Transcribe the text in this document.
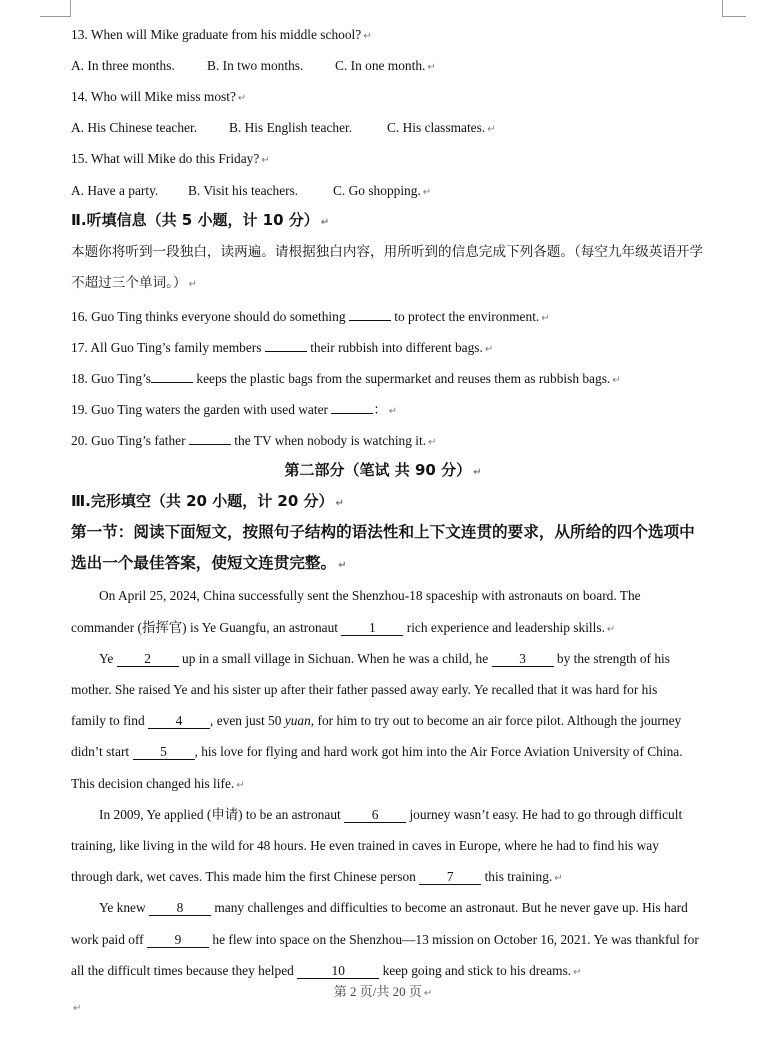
13. When will Mike graduate from his middle school? ↵
A. In three months. B. In two months. C. In one month. ↵
14. Who will Mike miss most? ↵
A. His Chinese teacher. B. His English teacher.	C. His classmates. ↵
15. What will Mike do this Friday? ↵
A. Have a party. B. Visit his teachers.	C. Go shopping. ↵
Ⅱ.听填信息（共 5 小题，计 10 分） ↵
本题你将听到一段独白，读两遍。请根据独白内容，用所听到的信息完成下列各题。（每空九年级英语开学
不超过三个单词。） ↵
16. Guo Ting thinks everyone should do something	to protect the environment. ↵
17. All Guo Ting’s family members	their rubbish into different bags. ↵
18. Guo Ting’s	keeps the plastic bags from the supermarket and reuses them as rubbish bags. ↵
19. Guo Ting waters the garden with used water	： ↵
20. Guo Ting’s father	the TV when nobody is watching it. ↵
第二部分（笔试 共 90 分） ↵
Ⅲ.完形填空（共 20 小题，计 20 分） ↵
第一节：阅读下面短文，按照句子结构的语法性和上下文连贯的要求，从所给的四个选项中
选出一个最佳答案，使短文连贯完整。 ↵
On April 25, 2024, China successfully sent the Shenzhou-18 spaceship with astronauts on board. The
commander (指挥官) is Ye Guangfu, an astronaut 1 rich experience and leadership skills. ↵
Ye 2 up in a small village in Sichuan. When he was a child, he 3 by the strength of his
mother. She raised Ye and his sister up after their father passed away early. Ye recalled that it was hard for his
family to find 4 , even just 50 yuan, for him to try out to become an air force pilot. Although the journey
didn’t start 5 , his love for flying and hard work got him into the Air Force Aviation University of China.
This decision changed his life. ↵
In 2009, Ye applied (申请) to be an astronaut 6 journey wasn’t easy. He had to go through difficult
training, like living in the wild for 48 hours. He even trained in caves in Europe, where he had to find his way
through dark, wet caves. This made him the first Chinese person 7 this training. ↵
Ye knew 8 many challenges and difficulties to become an astronaut. But he never gave up. His hard
work paid off 9 he flew into space on the Shenzhou—13 mission on October 16, 2021. Ye was thankful for
all the difficult times because they helped	10	keep going and stick to his dreams. ↵
第 2 页/共 20 页 ↵
↵
